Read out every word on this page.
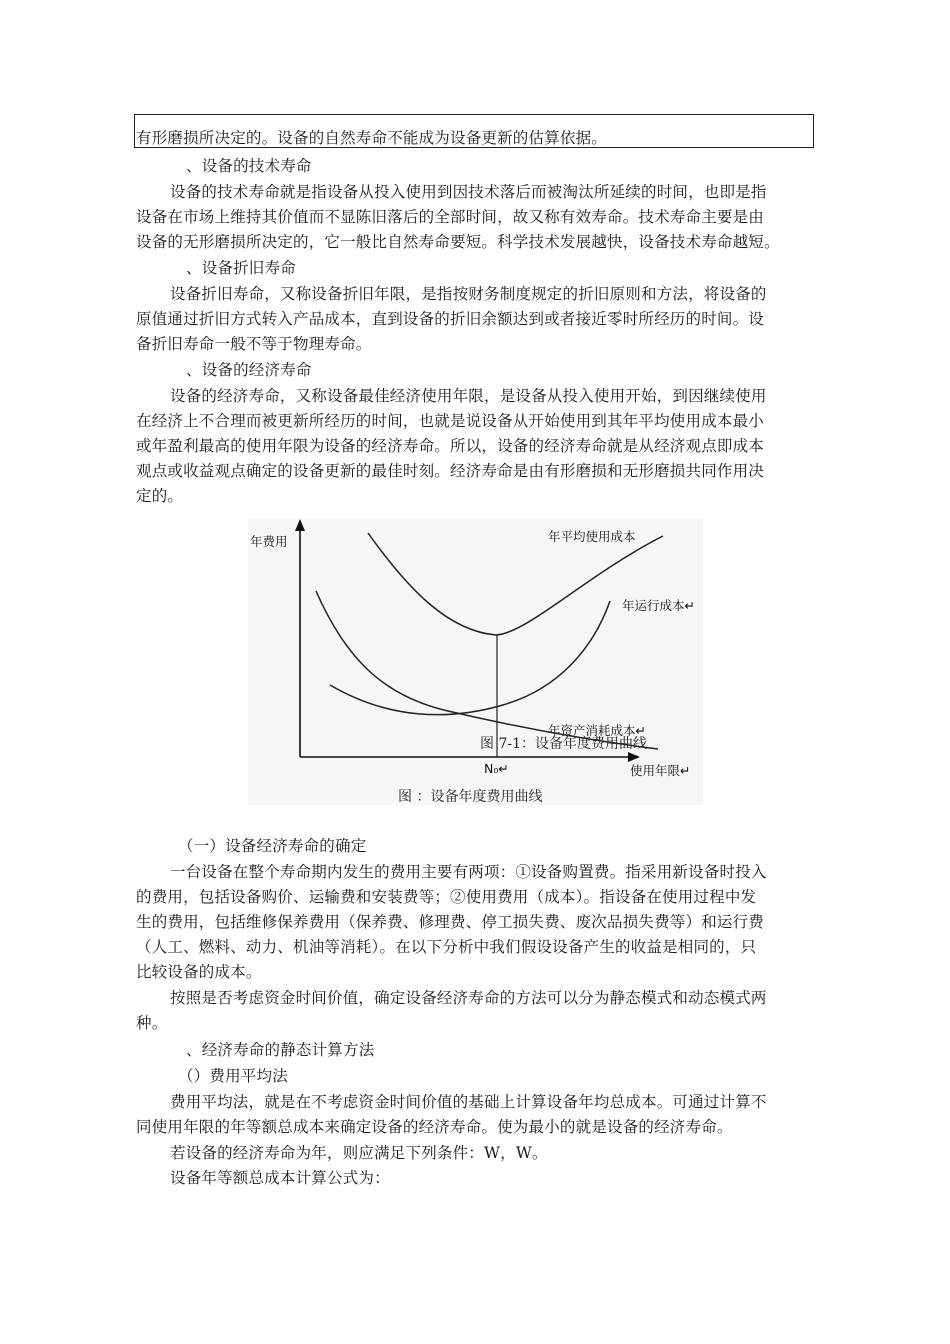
有形磨损所决定的。设备的自然寿命不能成为设备更新的估算依据。
、设备的技术寿命
设备的技术寿命就是指设备从投入使用到因技术落后而被淘汰所延续的时间，也即是指
设备在市场上维持其价值而不显陈旧落后的全部时间，故又称有效寿命。技术寿命主要是由
设备的无形磨损所决定的，它一般比自然寿命要短。科学技术发展越快，设备技术寿命越短。
、设备折旧寿命
设备折旧寿命，又称设备折旧年限，是指按财务制度规定的折旧原则和方法，将设备的
原值通过折旧方式转入产品成本，直到设备的折旧余额达到或者接近零时所经历的时间。设
备折旧寿命一般不等于物理寿命。
、设备的经济寿命
设备的经济寿命，又称设备最佳经济使用年限，是设备从投入使用开始，到因继续使用
在经济上不合理而被更新所经历的时间，也就是说设备从开始使用到其年平均使用成本最小
或年盈利最高的使用年限为设备的经济寿命。所以，设备的经济寿命就是从经济观点即成本
观点或收益观点确定的设备更新的最佳时刻。经济寿命是由有形磨损和无形磨损共同作用决
定的。
年费用	年平均使用成本
年运行成本↵
年资产消耗成本↵
图 7-1：设备年度费用曲线
N₀↵	使用年限↵
图 ：设备年度费用曲线
（一）设备经济寿命的确定
一台设备在整个寿命期内发生的费用主要有两项：①设备购置费。指采用新设备时投入
的费用，包括设备购价、运输费和安装费等；②使用费用（成本）。指设备在使用过程中发
生的费用，包括维修保养费用（保养费、修理费、停工损失费、废次品损失费等）和运行费
（人工、燃料、动力、机油等消耗）。在以下分析中我们假设设备产生的收益是相同的，只
比较设备的成本。
按照是否考虑资金时间价值，确定设备经济寿命的方法可以分为静态模式和动态模式两
种。
、经济寿命的静态计算方法
（）费用平均法
费用平均法，就是在不考虑资金时间价值的基础上计算设备年均总成本。可通过计算不
同使用年限的年等额总成本来确定设备的经济寿命。使为最小的就是设备的经济寿命。
若设备的经济寿命为年，则应满足下列条件：W，W。
设备年等额总成本计算公式为：
